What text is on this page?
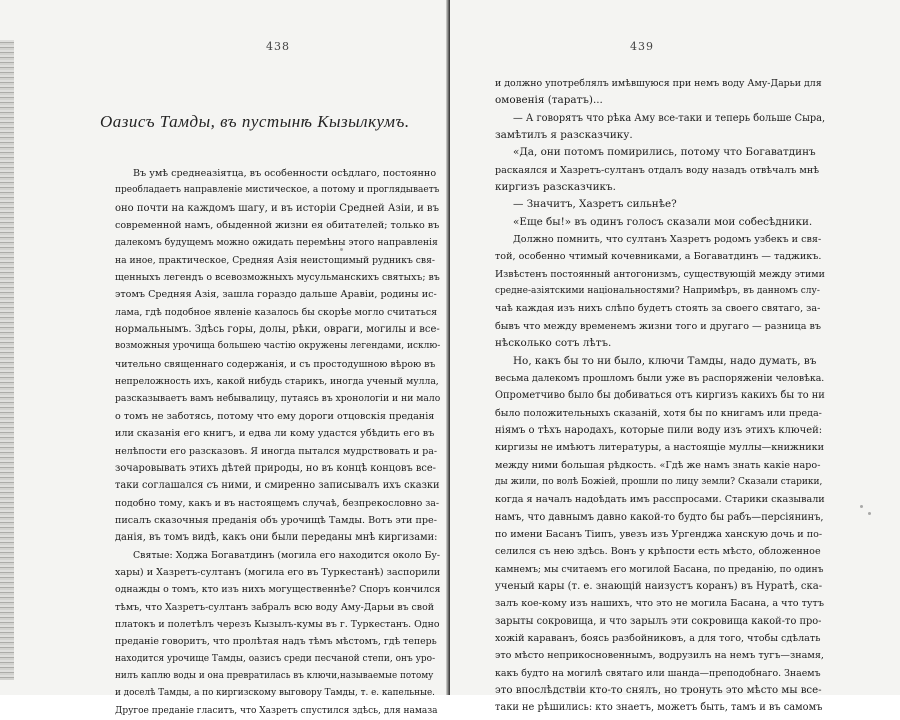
438
Оазисъ Тамды, въ пустынѣ Кызылкумъ.
Въ умѣ среднеазіятца, въ особенности осѣдлаго, постоянно
преобладаетъ направленіе мистическое, а потому и проглядываетъ
оно почти на каждомъ шагу, и въ исторіи Средней Азіи, и въ
современной намъ, обыденной жизни ея обитателей; только въ
далекомъ будущемъ можно ожидать перемѣны этого направленія
на иное, практическое, Средняя Азія неистощимый рудникъ свя-
щенныхъ легендъ о всевозможныхъ мусульманскихъ святыхъ; въ
этомъ Средняя Азія, зашла гораздо дальше Аравіи, родины ис-
лама, гдѣ подобное явленіе казалось бы скорѣе могло считаться
нормальнымъ. Здѣсь горы, долы, рѣки, овраги, могилы и все-
возможныя урочища большею частію окружены легендами, исклю-
чительно священнаго содержанія, и съ простодушною вѣрою въ
непреложность ихъ, какой нибудь старикъ, иногда ученый мулла,
разсказываетъ вамъ небывалицу, путаясь въ хронологіи и ни мало
о томъ не заботясь, потому что ему дороги отцовскія преданія
или сказанія его книгъ, и едва ли кому удастся убѣдить его въ
нелѣпости его разсказовъ. Я иногда пытался мудрствовать и ра-
зочаровывать этихъ дѣтей природы, но въ концѣ концовъ все-
таки соглашался съ ними, и смиренно записывалъ ихъ сказки
подобно тому, какъ и въ настоящемъ случаѣ, безпрекословно за-
писалъ сказочныя преданія объ урочищѣ Тамды. Вотъ эти пре-
данія, въ томъ видѣ, какъ они были переданы мнѣ киргизами:
Святые: Ходжа Богаватдинъ (могила его находится около Бу-
хары) и Хазретъ-султанъ (могила его въ Туркестанѣ) заспорили
однажды о томъ, кто изъ нихъ могущественнѣе? Споръ кончился
тѣмъ, что Хазретъ-султанъ забралъ всю воду Аму-Дарьи въ свой
платокъ и полетѣлъ черезъ Кызылъ-кумы въ г. Туркестанъ. Одно
преданіе говоритъ, что пролѣтая надъ тѣмъ мѣстомъ, гдѣ теперь
находится урочище Тамды, оазисъ среди песчаной степи, онъ уро-
нилъ каплю воды и она превратилась въ ключи,называемые потому
и доселѣ Тамды, а по киргизскому выговору Тамды, т. е. капельные.
Другое преданіе гласитъ, что Хазретъ спустился здѣсь, для намаза
439
и должно употреблялъ имѣвшуюся при немъ воду Аму-Дарьи для
омовенія (таратъ)...
— А говорятъ что рѣка Аму все-таки и теперь больше Сыра,
замѣтилъ я разсказчику.
«Да, они потомъ помирились, потому что Богаватдинъ
раскаялся и Хазретъ-султанъ отдалъ воду назадъ отвѣчалъ мнѣ
киргизъ разсказчикъ.
— Значитъ, Хазретъ сильнѣе?
«Еще бы!» въ одинъ голосъ сказали мои собесѣдники.
Должно помнить, что султанъ Хазретъ родомъ узбекъ и свя-
той, особенно чтимый кочевниками, а Богаватдинъ — таджикъ.
Извѣстенъ постоянный антогонизмъ, существующій между этими
средне-азіятскими національностями? Напримѣръ, въ данномъ слу-
чаѣ каждая изъ нихъ слѣпо будетъ стоять за своего святаго, за-
бывъ что между временемъ жизни того и другаго — разница въ
нѣсколько сотъ лѣтъ.
Но, какъ бы то ни было, ключи Тамды, надо думать, въ
весьма далекомъ прошломъ были уже въ распоряженіи человѣка.
Опрометчиво было бы добиваться отъ киргизъ какихъ бы то ни
было положительныхъ сказаній, хотя бы по книгамъ или преда-
ніямъ о тѣхъ народахъ, которые пили воду изъ этихъ ключей:
киргизы не имѣютъ литературы, а настоящіе муллы—книжники
между ними большая рѣдкость. «Гдѣ же намъ знать какіе наро-
ды жили, по волѣ Божіей, прошли по лицу земли? Сказали старики,
когда я началъ надоѣдать имъ расспросами. Старики сказывали
намъ, что давнымъ давно какой-то будто бы рабъ—персіянинъ,
по имени Басанъ Тіипъ, увезъ изъ Ургенджа ханскую дочь и по-
селился съ нею здѣсь. Вонъ у крѣпости есть мѣсто, обложенное
камнемъ; мы считаемъ его могилой Басана, по преданію, по одинъ
ученый кары (т. е. знающій наизустъ коранъ) въ Нуратѣ, ска-
залъ кое-кому изъ нашихъ, что это не могила Басана, а что тутъ
зарыты сокровища, и что зарылъ эти сокровища какой-то про-
хожій караванъ, боясь разбойниковъ, а для того, чтобы сдѣлать
это мѣсто неприкосновеннымъ, водрузилъ на немъ тугъ—знамя,
какъ будто на могилѣ святаго или шанда—преподобнаго. Знаемъ
это впослѣдствіи кто-то снялъ, но тронуть это мѣсто мы все-
таки не рѣшились: кто знаетъ, можетъ быть, тамъ и въ самомъ
